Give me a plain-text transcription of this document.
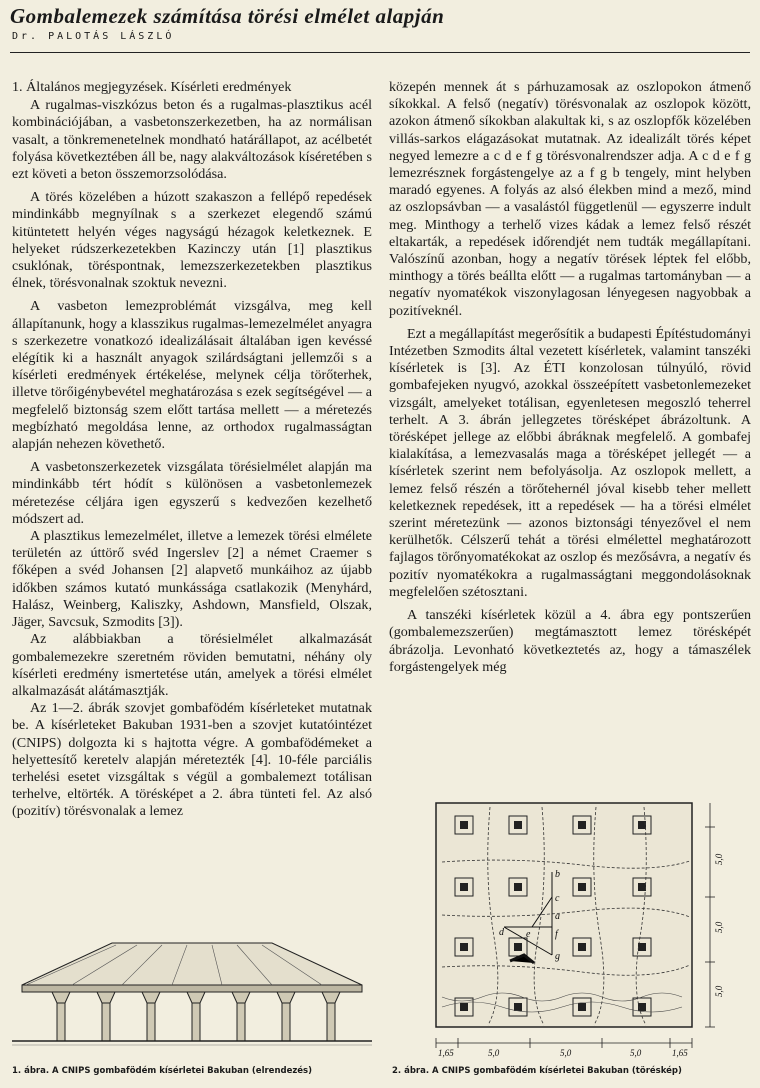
Gombalemezek számítása törési elmélet alapján
Dr. PALOTÁS LÁSZLÓ
1. Általános megjegyzések. Kísérleti eredmények

A rugalmas-viszkózus beton és a rugalmas-plasztikus acél kombinációjában, a vasbetonszerkezetben, ha az normálisan vasalt, a tönkremenetelnek mondható határállapot, az acélbetét folyása következtében áll be, nagy alakváltozások kíséretében s ezt követi a beton összemorzsolódása.

A törés közelében a húzott szakaszon a fellépő repedések mindinkább megnyílnak s a szerkezet elegendő számú kitüntetett helyén véges nagyságú hézagok keletkeznek. E helyeket rúdszerkezetekben Kazinczy után [1] plasztikus csuklónak, töréspontnak, lemezszerkezetekben plasztikus élnek, törésvonalnak szoktuk nevezni.

A vasbeton lemezproblémát vizsgálva, meg kell állapítanunk, hogy a klasszikus rugalmas-lemezelmélet anyagra s szerkezetre vonatkozó idealizálásait általában igen kevéssé elégítik ki a használt anyagok szilárdságtani jellemzői s a kísérleti eredmények értékelése, melynek célja törőterhek, illetve törőigénybevétel meghatározása s ezek segítségével — a megfelelő biztonság szem előtt tartása mellett — a méretezés megbízható megoldása lenne, az orthodox rugalmasságtan alapján nehezen követhető.

A vasbetonszerkezetek vizsgálata törésielmélet alapján ma mindinkább tért hódít s különösen a vasbetonlemezek méretezése céljára igen egyszerű s kedvezően kezelhető módszert ad.

A plasztikus lemezelmélet, illetve a lemezek törési elmélete területén az úttörő svéd Ingerslev [2] a német Craemer s főképen a svéd Johansen [2] alapvető munkáihoz az újabb időkben számos kutató munkássága csatlakozik (Menyhárd, Halász, Weinberg, Kaliszky, Ashdown, Mansfield, Olszak, Jäger, Savcsuk, Szmodits [3]).

Az alábbiakban a törésielmélet alkalmazását gombalemezekre szeretném röviden bemutatni, néhány oly kísérleti eredmény ismertetése után, amelyek a törési elmélet alkalmazását alátámasztják.

Az 1—2. ábrák szovjet gombafödém kísérleteket mutatnak be. A kísérleteket Bakuban 1931-ben a szovjet kutatóintézet (CNIPS) dolgozta ki s hajtotta végre. A gombafödémeket a helyettesítő keretelv alapján méretezték [4]. 10-féle parciális terhelési esetet vizsgáltak s végül a gombalemezt totálisan terhelve, eltörték. A törésképet a 2. ábra tünteti fel. Az alsó (pozitív) törésvonalak a lemez

közepén mennek át s párhuzamosak az oszlopokon átmenő síkokkal. A felső (negatív) törésvonalak az oszlopok között, azokon átmenő síkokban alakultak ki, s az oszlopfők közelében villás-sarkos elágazásokat mutatnak. Az idealizált törés képet negyed lemezre a c d e f g törésvonalrendszer adja. A c d e f g lemezrésznek forgástengelye az a f g b tengely, mint helyben maradó egyenes. A folyás az alsó élekben mind a mező, mind az oszlopsávban — a vasalástól függetlenül — egyszerre indult meg. Minthogy a terhelő vizes kádak a lemez felső részét eltakarták, a repedések időrendjét nem tudták megállapítani. Valószínű azonban, hogy a negatív törések léptek fel előbb, minthogy a törés beállta előtt — a rugalmas tartományban — a negatív nyomatékok viszonylagosan lényegesen nagyobbak a pozitíveknél.

Ezt a megállapítást megerősítik a budapesti Építéstudományi Intézetben Szmodits által vezetett kísérletek, valamint tanszéki kísérletek is [3]. Az ÉTI konzolosan túlnyúló, rövid gombafejeken nyugvó, azokkal összeépített vasbetonlemezeket vizsgált, amelyeket totálisan, egyenletesen megoszló teherrel terhelt. A 3. ábrán jellegzetes törésképet ábrázoltunk. A törésképet jellege az előbbi ábráknak megfelelő. A gombafej kialakítása, a lemezvasalás maga a törésképet jellegét — a kísérletek szerint nem befolyásolja. Az oszlopok mellett, a lemez felső részén a törőtehernél jóval kisebb teher mellett keletkeznek repedések, itt a repedések — ha a törési elmélet szerint méretezünk — azonos biztonsági tényezővel el nem kerülhetők. Célszerű tehát a törési elmélettel meghatározott fajlagos törőnyomatékokat az oszlop és mezősávra, a negatív és pozitív nyomatékokra a rugalmasságtani meggondolásoknak megfelelően szétosztani.

A tanszéki kísérletek közül a 4. ábra egy pontszerűen (gombalemezszerűen) megtámasztott lemez törésképét ábrázolja. Levonható következtetés az, hogy a támaszélek forgástengelyek még

1. ábra. A CNIPS gombafödém kísérletei Bakuban (elrendezés)
b
c
d e f
g
a
1,65	5,0	5,0	5,0	1,65
5,0
5,0
5,0
2. ábra. A CNIPS gombafödém kísérletei Bakuban (töréskép)
